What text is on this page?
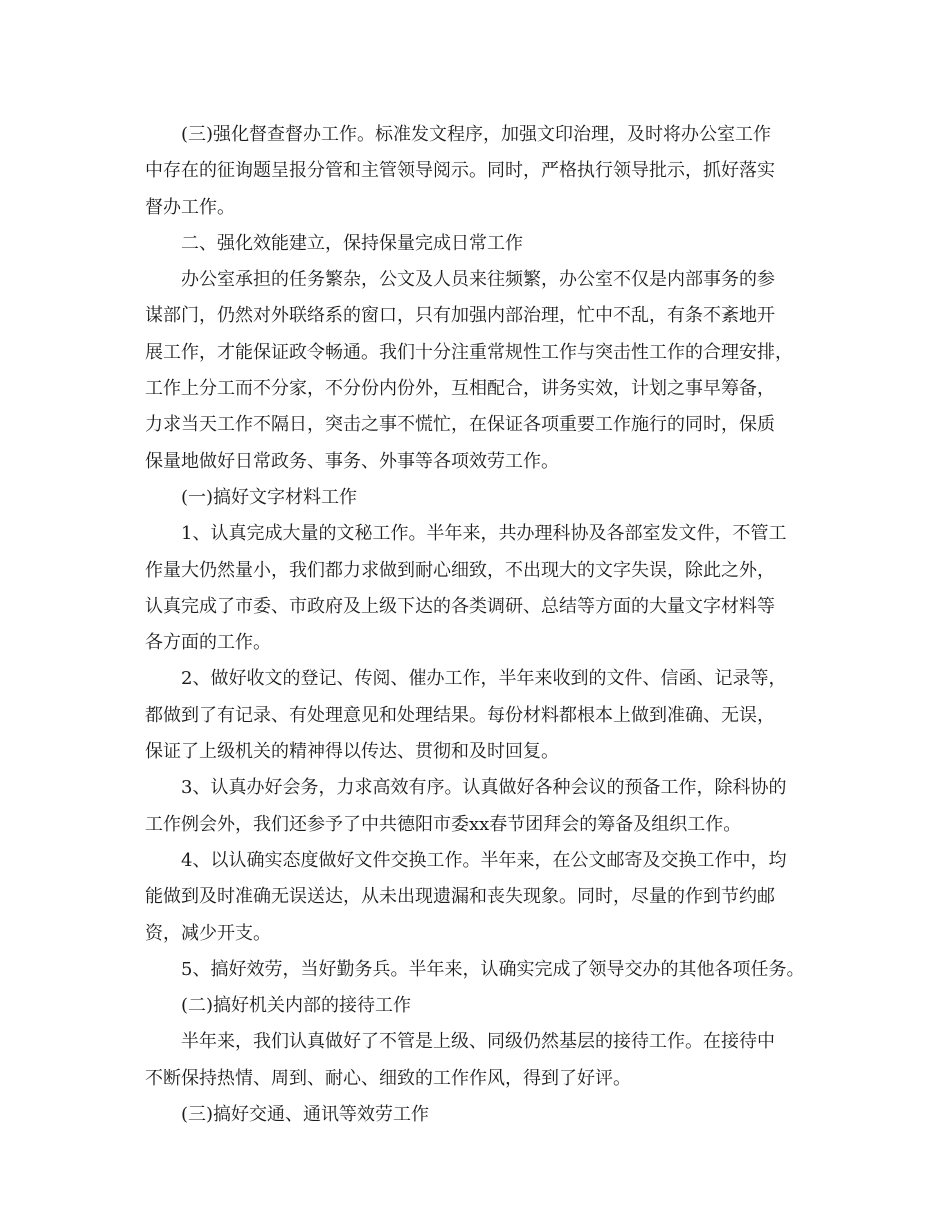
(三)强化督查督办工作。标准发文程序，加强文印治理，及时将办公室工作
中存在的征询题呈报分管和主管领导阅示。同时，严格执行领导批示，抓好落实
督办工作。
二、强化效能建立，保持保量完成日常工作
办公室承担的任务繁杂，公文及人员来往频繁，办公室不仅是内部事务的参
谋部门，仍然对外联络系的窗口，只有加强内部治理，忙中不乱，有条不紊地开
展工作，才能保证政令畅通。我们十分注重常规性工作与突击性工作的合理安排，
工作上分工而不分家，不分份内份外，互相配合，讲务实效，计划之事早筹备，
力求当天工作不隔日，突击之事不慌忙，在保证各项重要工作施行的同时，保质
保量地做好日常政务、事务、外事等各项效劳工作。
(一)搞好文字材料工作
1、认真完成大量的文秘工作。半年来，共办理科协及各部室发文件，不管工
作量大仍然量小，我们都力求做到耐心细致，不出现大的文字失误，除此之外，
认真完成了市委、市政府及上级下达的各类调研、总结等方面的大量文字材料等
各方面的工作。
2、做好收文的登记、传阅、催办工作，半年来收到的文件、信函、记录等，
都做到了有记录、有处理意见和处理结果。每份材料都根本上做到准确、无误，
保证了上级机关的精神得以传达、贯彻和及时回复。
3、认真办好会务，力求高效有序。认真做好各种会议的预备工作，除科协的
工作例会外，我们还参予了中共德阳市委xx春节团拜会的筹备及组织工作。
4、以认确实态度做好文件交换工作。半年来，在公文邮寄及交换工作中，均
能做到及时准确无误送达，从未出现遗漏和丧失现象。同时，尽量的作到节约邮
资，减少开支。
5、搞好效劳，当好勤务兵。半年来，认确实完成了领导交办的其他各项任务。
(二)搞好机关内部的接待工作
半年来，我们认真做好了不管是上级、同级仍然基层的接待工作。在接待中
不断保持热情、周到、耐心、细致的工作作风，得到了好评。
(三)搞好交通、通讯等效劳工作
